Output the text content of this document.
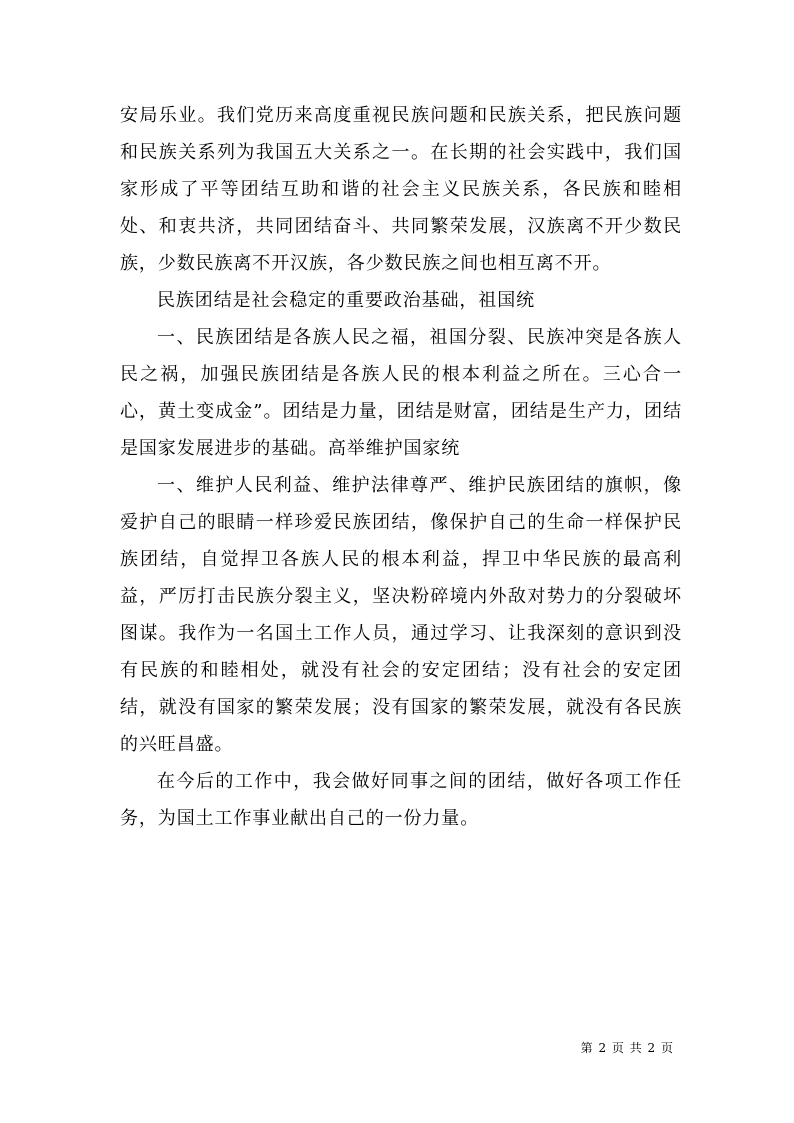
安局乐业。我们党历来高度重视民族问题和民族关系，把民族问题和民族关系列为我国五大关系之一。在长期的社会实践中，我们国家形成了平等团结互助和谐的社会主义民族关系，各民族和睦相处、和衷共济，共同团结奋斗、共同繁荣发展，汉族离不开少数民族，少数民族离不开汉族，各少数民族之间也相互离不开。

民族团结是社会稳定的重要政治基础，祖国统

一、民族团结是各族人民之福，祖国分裂、民族冲突是各族人民之祸，加强民族团结是各族人民的根本利益之所在。三心合一心，黄土变成金”。团结是力量，团结是财富，团结是生产力，团结是国家发展进步的基础。高举维护国家统

一、维护人民利益、维护法律尊严、维护民族团结的旗帜，像爱护自己的眼睛一样珍爱民族团结，像保护自己的生命一样保护民族团结，自觉捍卫各族人民的根本利益，捍卫中华民族的最高利益，严厉打击民族分裂主义，坚决粉碎境内外敌对势力的分裂破坏图谋。我作为一名国土工作人员，通过学习、让我深刻的意识到没有民族的和睦相处，就没有社会的安定团结；没有社会的安定团结，就没有国家的繁荣发展；没有国家的繁荣发展，就没有各民族的兴旺昌盛。

在今后的工作中，我会做好同事之间的团结，做好各项工作任务，为国土工作事业献出自己的一份力量。

第 2 页 共 2 页
